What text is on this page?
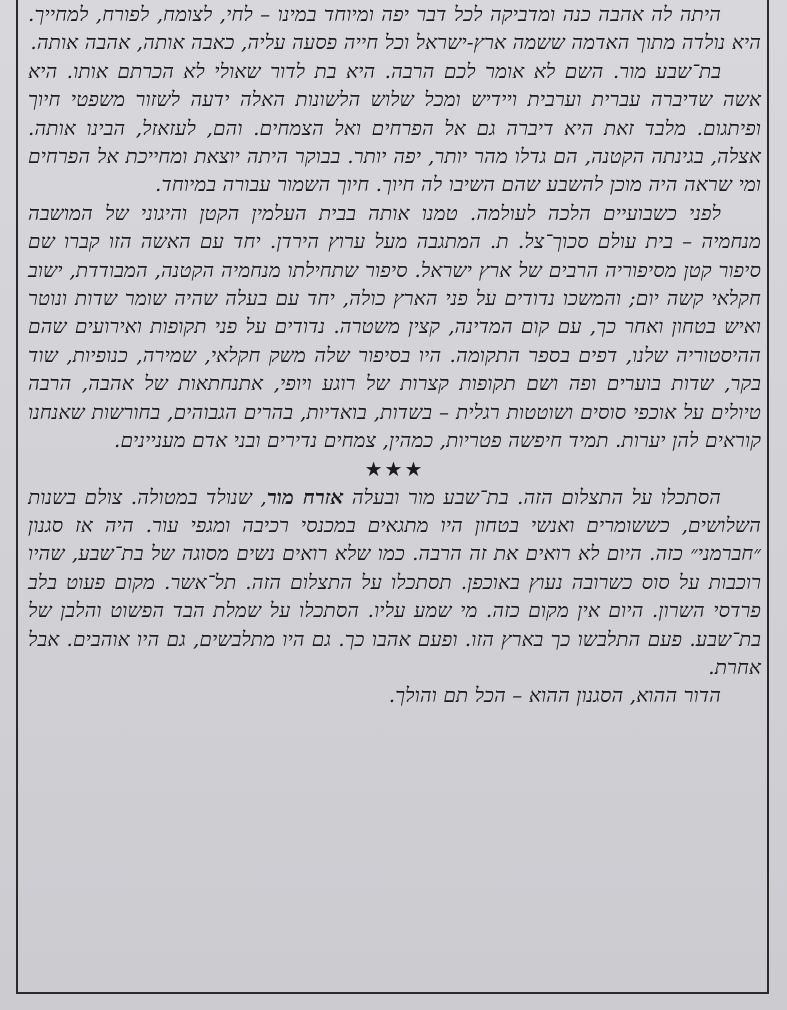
היתה לה אהבה כנה ומדביקה לכל דבר יפה ומיוחד במינו – לחי, לצומח, לפורח, למחייך. היא נולדה מתוך האדמה ששמה ארץ-ישראל וכל חייה פסעה עליה, כאבה אותה, אהבה אותה.

בת־שבע מור. השם לא אומר לכם הרבה. היא בת לדור שאולי לא הכרתם אותו. היא אשה שדיברה עברית וערבית ויידיש ומכל שלוש הלשונות האלה ידעה לשזור משפטי חיוך ופיתגום. מלבד זאת היא דיברה גם אל הפרחים ואל הצמחים. והם, לעזאזל, הבינו אותה. אצלה, בגינתה הקטנה, הם גדלו מהר יותר, יפה יותר. בבוקר היתה יוצאת ומחייכת אל הפרחים ומי שראה היה מוכן להשבע שהם השיבו לה חיוך. חיוך השמור עבורה במיוחד.

לפני כשבועיים הלכה לעולמה. טמנו אותה בבית העלמין הקטן והיגוני של המושבה מנחמיה – בית עולם סכוך־צל. ת. המתגבה מעל ערוץ הירדן. יחד עם האשה הזו קברו שם סיפור קטן מסיפוריה הרבים של ארץ ישראל. סיפור שתחילתו מנחמיה הקטנה, המבודדת, ישוב חקלאי קשה יום; והמשכו נדודים על פני הארץ כולה, יחד עם בעלה שהיה שומר שדות ונוטר ואיש בטחון ואחר כך, עם קום המדינה, קצין משטרה. נדודים על פני תקופות ואירועים שהם ההיסטוריה שלנו, דפים בספר התקומה. היו בסיפור שלה משק חקלאי, שמירה, כנופיות, שוד בקר, שדות בוערים ופה ושם תקופות קצרות של רוגע ויופי, אתנחתאות של אהבה, הרבה טיולים על אוכפי סוסים ושוטטות רגלית – בשדות, בואדיות, בהרים הגבוהים, בחורשות שאנחנו קוראים להן יערות. תמיד חיפשה פטריות, כמהין, צמחים נדירים ובני אדם מעניינים.

★★★

הסתכלו על התצלום הזה. בת־שבע מור ובעלה אזרח מור, שנולד במטולה. צולם בשנות השלושים, כששומרים ואנשי בטחון היו מתגאים במכנסי רכיבה ומגפי עור. היה אז סגנון ״חברמני״ כזה. היום לא רואים את זה הרבה. כמו שלא רואים נשים מסוגה של בת־שבע, שהיו רוכבות על סוס כשרובה נעוץ באוכפן. תסתכלו על התצלום הזה. תל־אשר. מקום פעוט בלב פרדסי השרון. היום אין מקום כזה. מי שמע עליו. הסתכלו על שמלת הבד הפשוט והלבן של בת־שבע. פעם התלבשו כך בארץ הזו. ופעם אהבו כך. גם היו מתלבשים, גם היו אוהבים. אבל אחרת.

הדור ההוא, הסגנון ההוא – הכל תם והולך.
